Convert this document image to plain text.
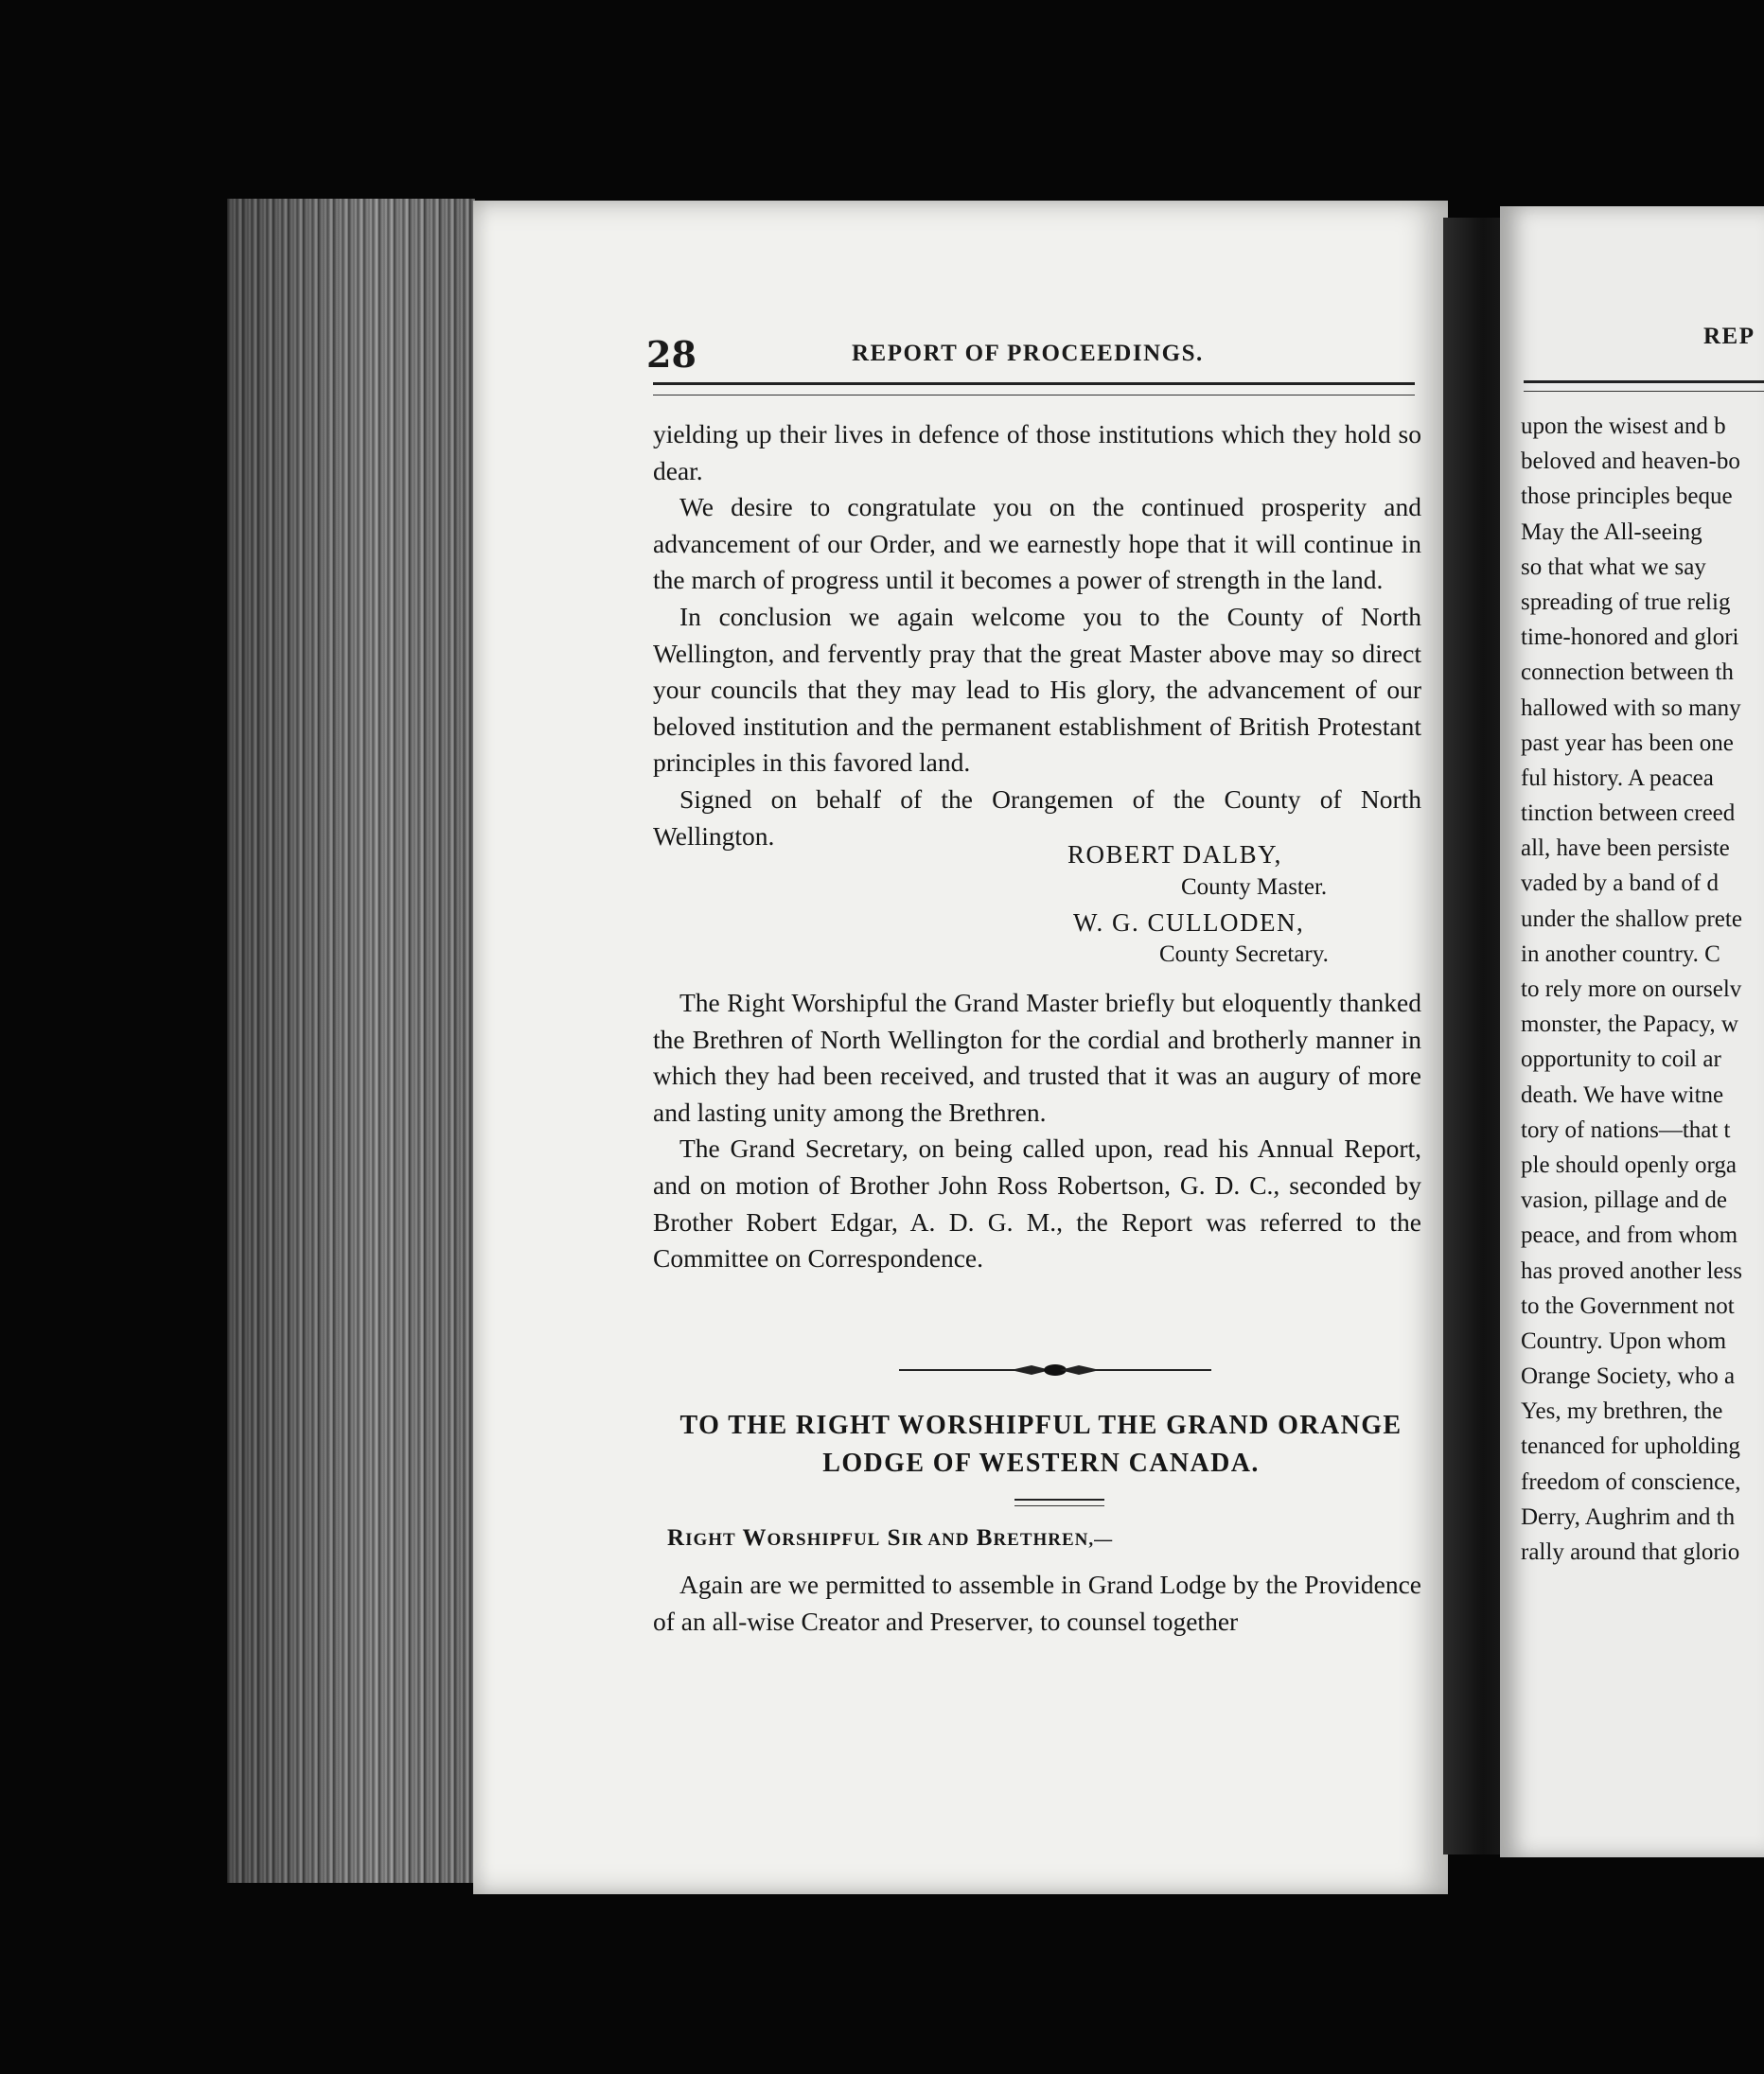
28	REPORT OF PROCEEDINGS.

yielding up their lives in defence of those institutions which they hold so dear.

We desire to congratulate you on the continued prosperity and advancement of our Order, and we earnestly hope that it will continue in the march of progress until it becomes a power of strength in the land.

In conclusion we again welcome you to the County of North Wellington, and fervently pray that the great Master above may so direct your councils that they may lead to His glory, the advancement of our beloved institution and the permanent establishment of British Protestant principles in this favored land.

Signed on behalf of the Orangemen of the County of North Wellington.

ROBERT DALBY,
County Master.
W. G. CULLODEN,
County Secretary.

The Right Worshipful the Grand Master briefly but eloquently thanked the Brethren of North Wellington for the cordial and brotherly manner in which they had been received, and trusted that it was an augury of more and lasting unity among the Brethren.

The Grand Secretary, on being called upon, read his Annual Report, and on motion of Brother John Ross Robertson, G. D. C., seconded by Brother Robert Edgar, A. D. G. M., the Report was referred to the Committee on Correspondence.

TO THE RIGHT WORSHIPFUL THE GRAND ORANGE
LODGE OF WESTERN CANADA.
RIGHT WORSHIPFUL SIR AND BRETHREN,—

Again are we permitted to assemble in Grand Lodge by the Providence of an all-wise Creator and Preserver, to counsel together

REP
upon the wisest and b
beloved and heaven-bo
those principles beque
May the All-seeing
so that what we say
spreading of true relig
time-honored and glori
connection between th
hallowed with so many
past year has been one
ful history. A peacea
tinction between creed
all, have been persiste
vaded by a band of d
under the shallow prete
in another country. C
to rely more on ourselv
monster, the Papacy, w
opportunity to coil ar
death. We have witne
tory of nations—that t
ple should openly orga
vasion, pillage and de
peace, and from whom
has proved another less
to the Government not
Country. Upon whom
Orange Society, who a
Yes, my brethren, the
tenanced for upholding
freedom of conscience,
Derry, Aughrim and th
rally around that glorio
